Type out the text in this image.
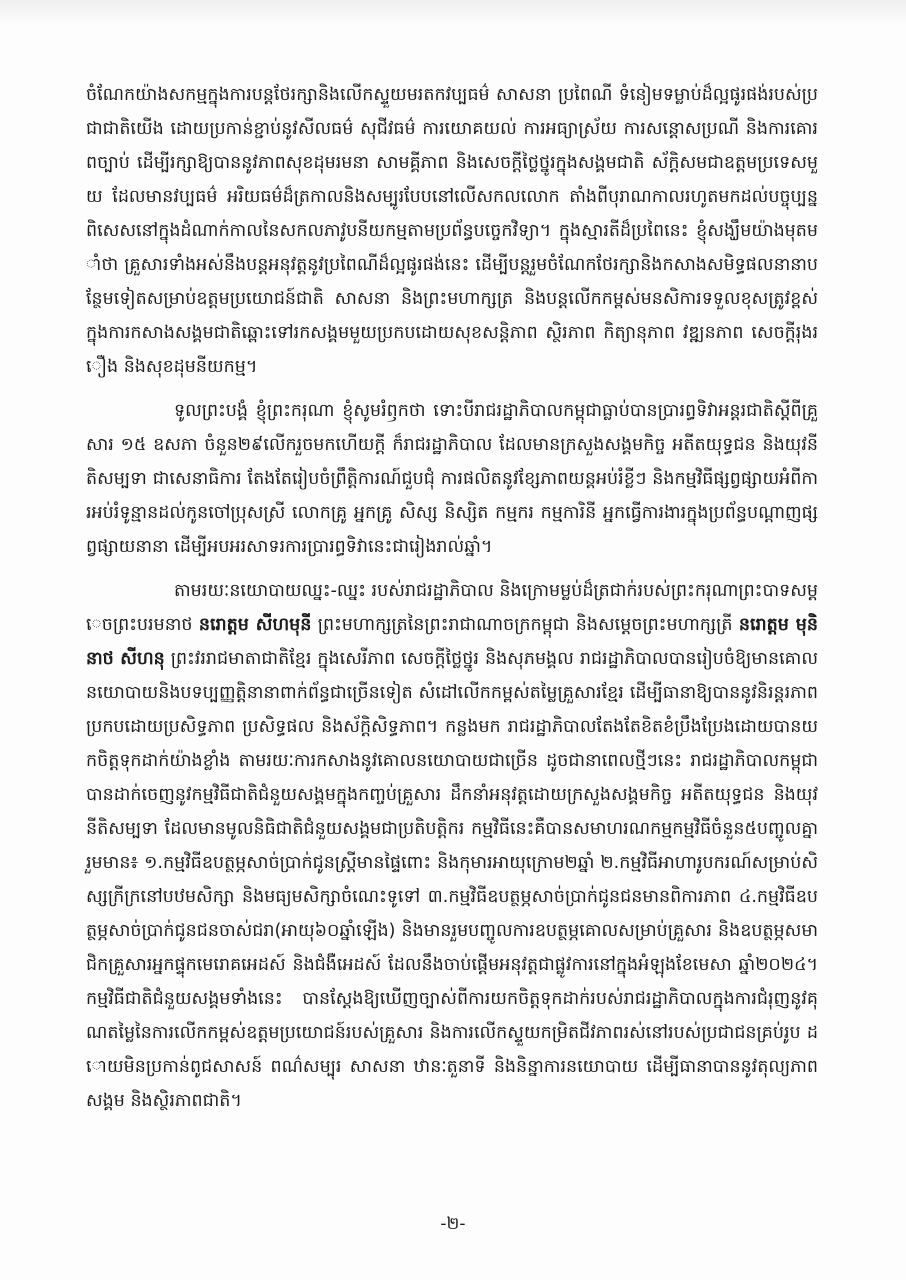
ចំណែកយ៉ាងសកម្មក្នុងការបន្តថែរក្សានិងលើកស្ទួយមរតកវប្បធម៌ សាសនា ប្រពៃណី ទំនៀមទម្លាប់ដ៏ល្អផូរផង់របស់ប្រជាជាតិយើង ដោយប្រកាន់ខ្ជាប់នូវសីលធម៌ សុជីវធម៌ ការយោគយល់ ការអធ្យាស្រ័យ ការសន្តោសប្រណី និងការគោរពច្បាប់ ដើម្បីរក្សាឱ្យបាននូវភាពសុខដុមរមនា សាមគ្គីភាព និងសេចក្តីថ្លៃថ្នូរក្នុងសង្គមជាតិ ស័ក្តិសមជាឧត្តមប្រទេសមួយ ដែលមានវប្បធម៌ អរិយធម៌ដ៏ត្រកាលនិងសម្បូរបែបនៅលើសកលលោក តាំងពីបុរាណកាលរហូតមកដល់បច្ចុប្បន្ន ពិសេសនៅក្នុងដំណាក់កាលនៃសកលភាវូបនីយកម្មតាមប្រព័ន្ធបច្ចេកវិទ្យា។ ក្នុងស្មារតីដ៏ប្រពៃនេះ ខ្ញុំសង្ឃឹមយ៉ាងមុតមាំថា គ្រួសារទាំងអស់នឹងបន្តអនុវត្តនូវប្រពៃណីដ៏ល្អផូរផង់នេះ ដើម្បីបន្តរួមចំណែកថែរក្សានិងកសាងសមិទ្ធផលនានាបន្ថែមទៀតសម្រាប់ឧត្តមប្រយោជន៍ជាតិ សាសនា និងព្រះមហាក្សត្រ និងបន្តលើកកម្ពស់មនសិការទទួលខុសត្រូវខ្ពស់ ក្នុងការកសាងសង្គមជាតិឆ្ពោះទៅរកសង្គមមួយប្រកបដោយសុខសន្តិភាព ស្ថិរភាព កិត្យានុភាព វឌ្ឍនភាព សេចក្តីរុងរឿង និងសុខដុមនីយកម្ម។

ទូលព្រះបង្គំ ខ្ញុំព្រះករុណា ខ្ញុំសូមរំឭកថា ទោះបីរាជរដ្ឋាភិបាលកម្ពុជាធ្លាប់បានប្រារព្ធទិវាអន្តរជាតិស្តីពីគ្រួសារ ១៥ ឧសភា ចំនួន២៩លើករួចមកហើយក្តី ក៏រាជរដ្ឋាភិបាល ដែលមានក្រសួងសង្គមកិច្ច អតីតយុទ្ធជន និងយុវនីតិសម្បទា ជាសេនាធិការ តែងតែរៀបចំព្រឹត្តិការណ៍ជួបជុំ ការផលិតនូវខ្សែភាពយន្តអប់រំខ្លីៗ និងកម្មវិធីផ្សព្វផ្សាយអំពីការអប់រំទូន្មានដល់កូនចៅប្រុសស្រី លោកគ្រូ អ្នកគ្រូ សិស្ស និស្សិត កម្មករ កម្មការិនី អ្នកធ្វើការងារក្នុងប្រព័ន្ធបណ្តាញផ្សព្វផ្សាយនានា ដើម្បីអបអរសាទរការប្រារព្ធទិវានេះជារៀងរាល់ឆ្នាំ។

តាមរយៈនយោបាយឈ្នះ-ឈ្នះ របស់រាជរដ្ឋាភិបាល និងក្រោមម្លប់ដ៏ត្រជាក់របស់ព្រះករុណាព្រះបាទសម្តេចព្រះបរមនាថ នរោត្តម សីហមុនី ព្រះមហាក្សត្រនៃព្រះរាជាណាចក្រកម្ពុជា និងសម្តេចព្រះមហាក្សត្រី នរោត្តម មុនិនាថ សីហនុ ព្រះវររាជមាតាជាតិខ្មែរ ក្នុងសេរីភាព សេចក្តីថ្លៃថ្នូរ និងសុភមង្គល រាជរដ្ឋាភិបាលបានរៀបចំឱ្យមានគោលនយោបាយនិងបទប្បញ្ញត្តិនានាពាក់ព័ន្ធជាច្រើនទៀត សំដៅលើកកម្ពស់តម្លៃគ្រួសារខ្មែរ ដើម្បីធានាឱ្យបាននូវនិរន្តរភាពប្រកបដោយប្រសិទ្ធភាព ប្រសិទ្ធផល និងស័ក្តិសិទ្ធភាព។ កន្លងមក រាជរដ្ឋាភិបាលតែងតែខិតខំប្រឹងប្រែងដោយបានយកចិត្តទុកដាក់យ៉ាងខ្លាំង តាមរយៈការកសាងនូវគោលនយោបាយជាច្រើន ដូចជានាពេលថ្មីៗនេះ រាជរដ្ឋាភិបាលកម្ពុជាបានដាក់ចេញនូវកម្មវិធីជាតិជំនួយសង្គមក្នុងកញ្ចប់គ្រួសារ ដឹកនាំអនុវត្តដោយក្រសួងសង្គមកិច្ច អតីតយុទ្ធជន និងយុវនីតិសម្បទា ដែលមានមូលនិធិជាតិជំនួយសង្គមជាប្រតិបត្តិករ កម្មវិធីនេះគឺបានសមាហរណកម្មកម្មវិធីចំនួន៥បញ្ចូលគ្នា រួមមាន៖ ១.កម្មវិធីឧបត្ថម្ភសាច់ប្រាក់ជូនស្ត្រីមានផ្ទៃពោះ និងកុមារអាយុក្រោម២ឆ្នាំ ២.កម្មវិធីអាហារូបករណ៍សម្រាប់សិស្សក្រីក្រនៅបឋមសិក្សា និងមធ្យមសិក្សាចំណេះទូទៅ ៣.កម្មវិធីឧបត្ថម្ភសាច់ប្រាក់ជូនជនមានពិការភាព ៤.កម្មវិធីឧបត្ថម្ភសាច់ប្រាក់ជូនជនចាស់ជរា(អាយុ៦០ឆ្នាំឡើង) និងមានរួមបញ្ចូលការឧបត្ថម្ភគោលសម្រាប់គ្រួសារ និងឧបត្ថម្ភសមាជិកគ្រួសារអ្នកផ្ទុកមេរោគអេដស៍ និងជំងឺអេដស៍ ដែលនឹងចាប់ផ្តើមអនុវត្តជាផ្លូវការនៅក្នុងអំឡុងខែមេសា ឆ្នាំ២០២៤។ កម្មវិធីជាតិជំនួយសង្គមទាំងនេះ បានស្តែងឱ្យឃើញច្បាស់ពីការយកចិត្តទុកដាក់របស់រាជរដ្ឋាភិបាលក្នុងការជំរុញនូវគុណតម្លៃនៃការលើកកម្ពស់ឧត្តមប្រយោជន៍របស់គ្រួសារ និងការលើកស្ទួយកម្រិតជីវភាពរស់នៅរបស់ប្រជាជនគ្រប់រូប ដោយមិនប្រកាន់ពូជសាសន៍ ពណ៌សម្បុរ សាសនា ឋានៈតួនាទី និងនិន្នាការនយោបាយ ដើម្បីធានាបាននូវតុល្យភាពសង្គម និងស្ថិរភាពជាតិ។

-២-
